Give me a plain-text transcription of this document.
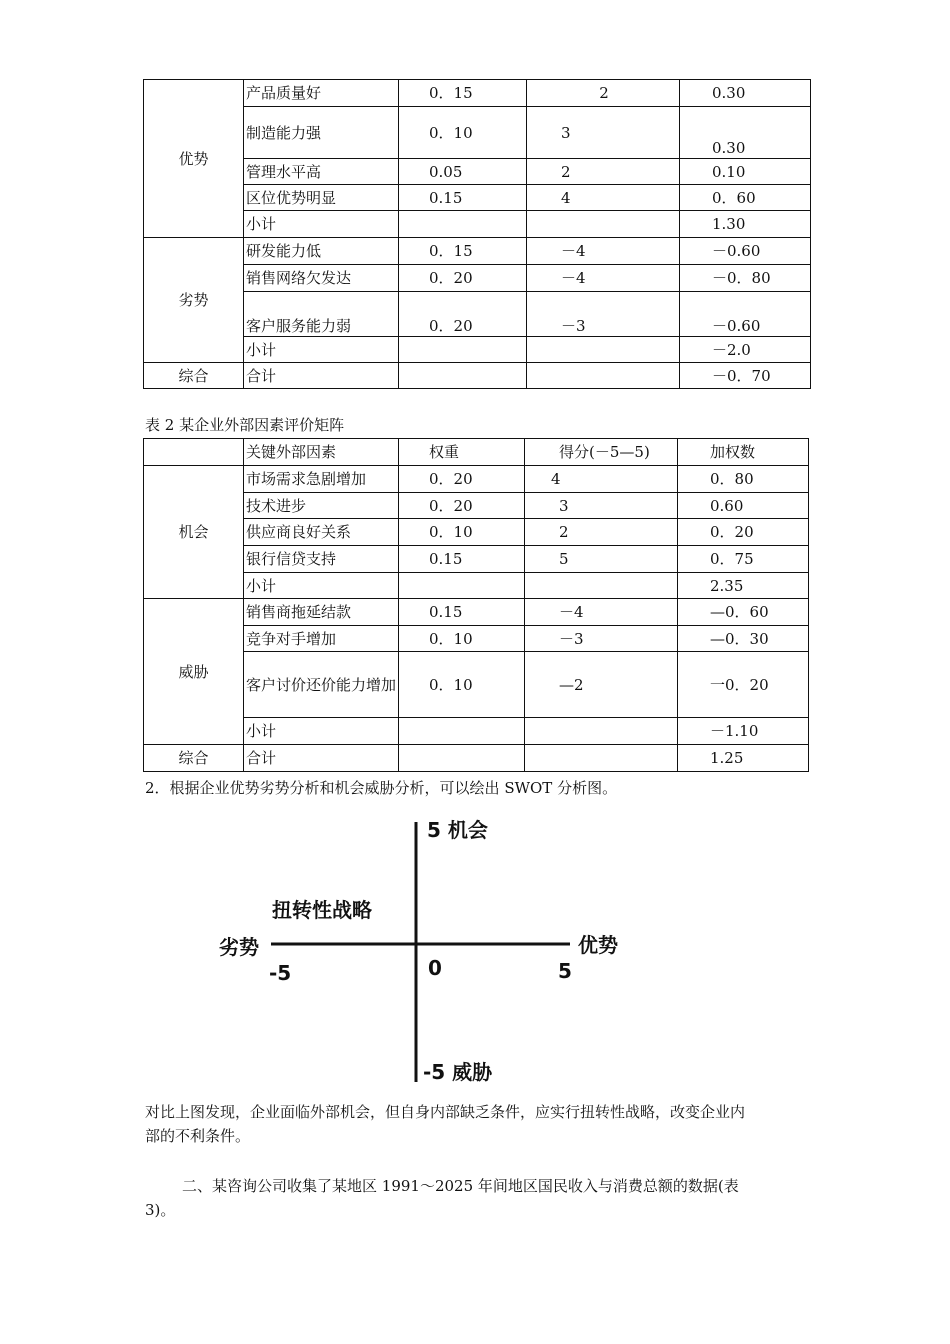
优势	产品质量好	0．15	2	0.30
	制造能力强	0．10	3	0.30
	管理水平高	0.05	2	0.10
	区位优势明显	0.15	4	0．60
	小计			1.30
劣势	研发能力低	0．15	－4	－0.60
	销售网络欠发达	0．20	－4	－0．80
	客户服务能力弱	0．20	－3	－0.60
	小计			－2.0
综合	合计			－0．70
表 2 某企业外部因素评价矩阵
	关键外部因素	权重	得分(－5—5)	加权数
机会	市场需求急剧增加	0．20	4	0．80
	技术进步	0．20	3	0.60
	供应商良好关系	0．10	2	0．20
	银行信贷支持	0.15	5	0．75
	小计			2.35
威胁	销售商拖延结款	0.15	－4	—0．60
	竞争对手增加	0．10	－3	—0．30
	客户讨价还价能力增加	0．10	—2	一0．20
	小计			－1.10
综合	合计			1.25
2．根据企业优势劣势分析和机会威胁分析，可以绘出 SWOT 分析图。
5 机会
-5 威胁
劣势	优势
-5	0	5
扭转性战略
对比上图发现，企业面临外部机会，但自身内部缺乏条件，应实行扭转性战略，改变企业内
部的不利条件。
二、某咨询公司收集了某地区 1991～2025 年间地区国民收入与消费总额的数据(表
3)。
